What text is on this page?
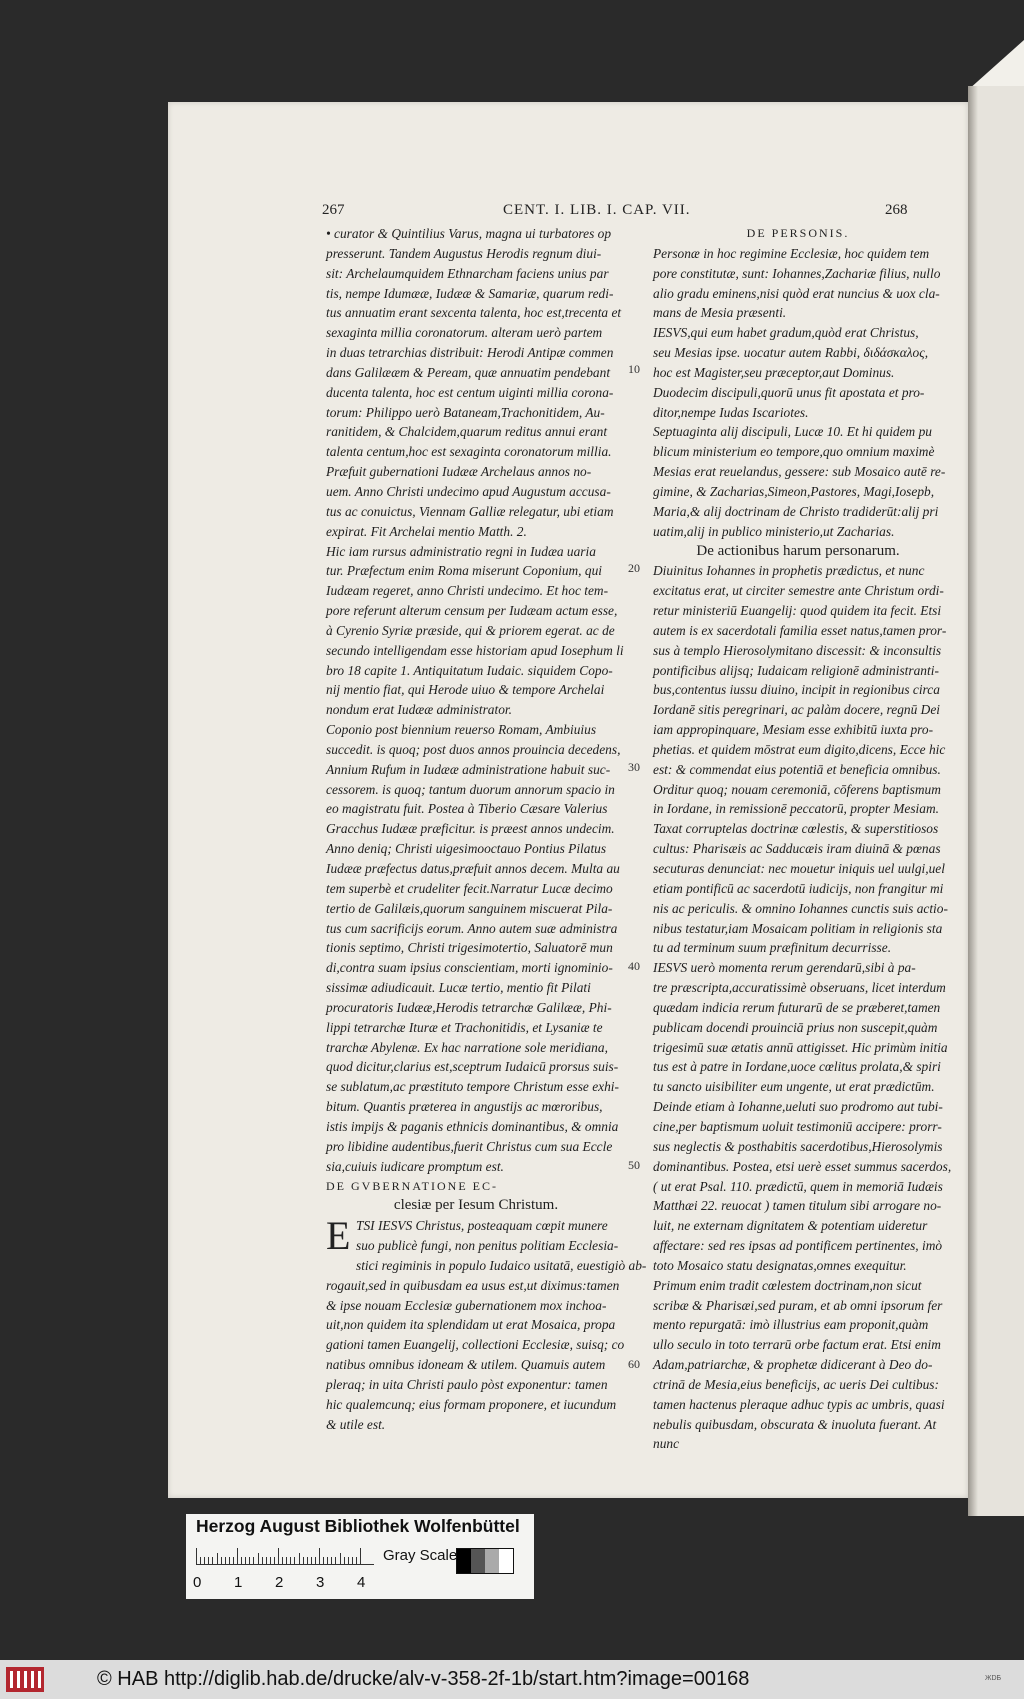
267	CENT. I. LIB. I. CAP. VII.	268

• curator & Quintilius Varus, magna ui turbatores op

presserunt. Tandem Augustus Herodis regnum diui-

sit: Archelaumquidem Ethnarcham faciens unius par

tis, nempe Idumææ, Iudææ & Samariæ, quarum redi-

tus annuatim erant sexcenta talenta, hoc est,trecenta et

sexaginta millia coronatorum. alteram uerò partem

in duas tetrarchias distribuit: Herodi Antipæ commen

dans Galilææm & Peream, quæ annuatim pendebant

ducenta talenta, hoc est centum uiginti millia corona-

torum: Philippo uerò Bataneam,Trachonitidem, Au-

ranitidem, & Chalcidem,quarum reditus annui erant

talenta centum,hoc est sexaginta coronatorum millia.

Præfuit gubernationi Iudææ Archelaus annos no-

uem. Anno Christi undecimo apud Augustum accusa-

tus ac conuictus, Viennam Galliæ relegatur, ubi etiam

expirat. Fit Archelai mentio Matth. 2.

Hic iam rursus administratio regni in Iudæa uaria

tur. Præfectum enim Roma miserunt Coponium, qui

Iudæam regeret, anno Christi undecimo. Et hoc tem-

pore referunt alterum censum per Iudæam actum esse,

à Cyrenio Syriæ præside, qui & priorem egerat. ac de

secundo intelligendam esse historiam apud Iosephum li

bro 18 capite 1. Antiquitatum Iudaic. siquidem Copo-

nij mentio fiat, qui Herode uiuo & tempore Archelai

nondum erat Iudææ administrator.

Coponio post biennium reuerso Romam, Ambiuius

succedit. is quoq; post duos annos prouincia decedens,

Annium Rufum in Iudææ administratione habuit suc-

cessorem. is quoq; tantum duorum annorum spacio in

eo magistratu fuit. Postea à Tiberio Cæsare Valerius

Gracchus Iudææ præficitur. is præest annos undecim.

Anno deniq; Christi uigesimooctauo Pontius Pilatus

Iudææ præfectus datus,præfuit annos decem. Multa au

tem superbè et crudeliter fecit.Narratur Lucæ decimo

tertio de Galilæis,quorum sanguinem miscuerat Pila-

tus cum sacrificijs eorum. Anno autem suæ administra

tionis septimo, Christi trigesimotertio, Saluatorē mun

di,contra suam ipsius conscientiam, morti ignominio-

sissimæ adiudicauit. Lucæ tertio, mentio fit Pilati

procuratoris Iudææ,Herodis tetrarchæ Galilææ, Phi-

lippi tetrarchæ Ituræ et Trachonitidis, et Lysaniæ te

trarchæ Abylenæ. Ex hac narratione sole meridiana,

quod dicitur,clarius est,sceptrum Iudaicū prorsus suis-

se sublatum,ac præstituto tempore Christum esse exhi-

bitum. Quantis præterea in angustijs ac mœroribus,

istis impijs & paganis ethnicis dominantibus, & omnia

pro libidine audentibus,fuerit Christus cum sua Eccle

sia,cuiuis iudicare promptum est.

DE GVBERNATIONE EC-

clesiæ per Iesum Christum.

E TSI IESVS Christus, posteaquam cœpit munere

suo publicè fungi, non penitus politiam Ecclesia-

stici regiminis in populo Iudaico usitatā, euestigiò ab-

rogauit,sed in quibusdam ea usus est,ut diximus:tamen

& ipse nouam Ecclesiæ gubernationem mox inchoa-

uit,non quidem ita splendidam ut erat Mosaica, propa

gationi tamen Euangelij, collectioni Ecclesiæ, suisq; co

natibus omnibus idoneam & utilem. Quamuis autem

pleraq; in uita Christi paulo pòst exponentur: tamen

hic qualemcunq; eius formam proponere, et iucundum

& utile est.

DE PERSONIS.

Personæ in hoc regimine Ecclesiæ, hoc quidem tem

pore constitutæ, sunt: Iohannes,Zachariæ filius, nullo

alio gradu eminens,nisi quòd erat nuncius & uox cla-

mans de Mesia præsenti.

IESVS,qui eum habet gradum,quòd erat Christus,

seu Mesias ipse. uocatur autem Rabbi, διδάσκαλος,

hoc est Magister,seu præceptor,aut Dominus.

Duodecim discipuli,quorū unus fit apostata et pro-

ditor,nempe Iudas Iscariotes.

Septuaginta alij discipuli, Lucæ 10. Et hi quidem pu

blicum ministerium eo tempore,quo omnium maximè

Mesias erat reuelandus, gessere: sub Mosaico autē re-

gimine, & Zacharias,Simeon,Pastores, Magi,Iosepb,

Maria,& alij doctrinam de Christo tradiderūt:alij pri

uatim,alij in publico ministerio,ut Zacharias.

De actionibus harum personarum.

Diuinitus Iohannes in prophetis prædictus, et nunc

excitatus erat, ut circiter semestre ante Christum ordi-

retur ministeriū Euangelij: quod quidem ita fecit. Etsi

autem is ex sacerdotali familia esset natus,tamen pror-

sus à templo Hierosolymitano discessit: & inconsultis

pontificibus alijsq; Iudaicam religionē administranti-

bus,contentus iussu diuino, incipit in regionibus circa

Iordanē sitis peregrinari, ac palàm docere, regnū Dei

iam appropinquare, Mesiam esse exhibitū iuxta pro-

phetias. et quidem mōstrat eum digito,dicens, Ecce hic

est: & commendat eius potentiā et beneficia omnibus.

Orditur quoq; nouam ceremoniā, cōferens baptismum

in Iordane, in remissionē peccatorū, propter Mesiam.

Taxat corruptelas doctrinæ cœlestis, & superstitiosos

cultus: Pharisæis ac Sadducæis iram diuinā & pœnas

secuturas denunciat: nec mouetur iniquis uel uulgi,uel

etiam pontificū ac sacerdotū iudicijs, non frangitur mi

nis ac periculis. & omnino Iohannes cunctis suis actio-

nibus testatur,iam Mosaicam politiam in religionis sta

tu ad terminum suum præfinitum decurrisse.

IESVS uerò momenta rerum gerendarū,sibi à pa-

tre præscripta,accuratissimè obseruans, licet interdum

quædam indicia rerum futurarū de se præberet,tamen

publicam docendi prouinciā prius non suscepit,quàm

trigesimū suæ ætatis annū attigisset. Hic primùm initia

tus est à patre in Iordane,uoce cœlitus prolata,& spiri

tu sancto uisibiliter eum ungente, ut erat prædictūm.

Deinde etiam à Iohanne,ueluti suo prodromo aut tubi-

cine,per baptismum uoluit testimoniū accipere: prorr-

sus neglectis & posthabitis sacerdotibus,Hierosolymis

dominantibus. Postea, etsi uerè esset summus sacerdos,

( ut erat Psal. 110. prædictū, quem in memoriā Iudæis

Matthæi 22. reuocat ) tamen titulum sibi arrogare no-

luit, ne externam dignitatem & potentiam uideretur

affectare: sed res ipsas ad pontificem pertinentes, imò

toto Mosaico statu designatas,omnes exequitur.

Primum enim tradit cœlestem doctrinam,non sicut

scribæ & Pharisæi,sed puram, et ab omni ipsorum fer

mento repurgatā: imò illustrius eam proponit,quàm

ullo seculo in toto terrarū orbe factum erat. Etsi enim

Adam,patriarchæ, & prophetæ didicerant à Deo do-

ctrinā de Mesia,eius beneficijs, ac ueris Dei cultibus:

tamen hactenus pleraque adhuc typis ac umbris, quasi

nebulis quibusdam, obscurata & inuoluta fuerant. At

nunc

10
20
30
40
50
60
Herzog August Bibliothek Wolfenbüttel
Gray Scale
0 1 2 3 4
© HAB http://diglib.hab.de/drucke/alv-v-358-2f-1b/start.htm?image=00168	ЖDБ
